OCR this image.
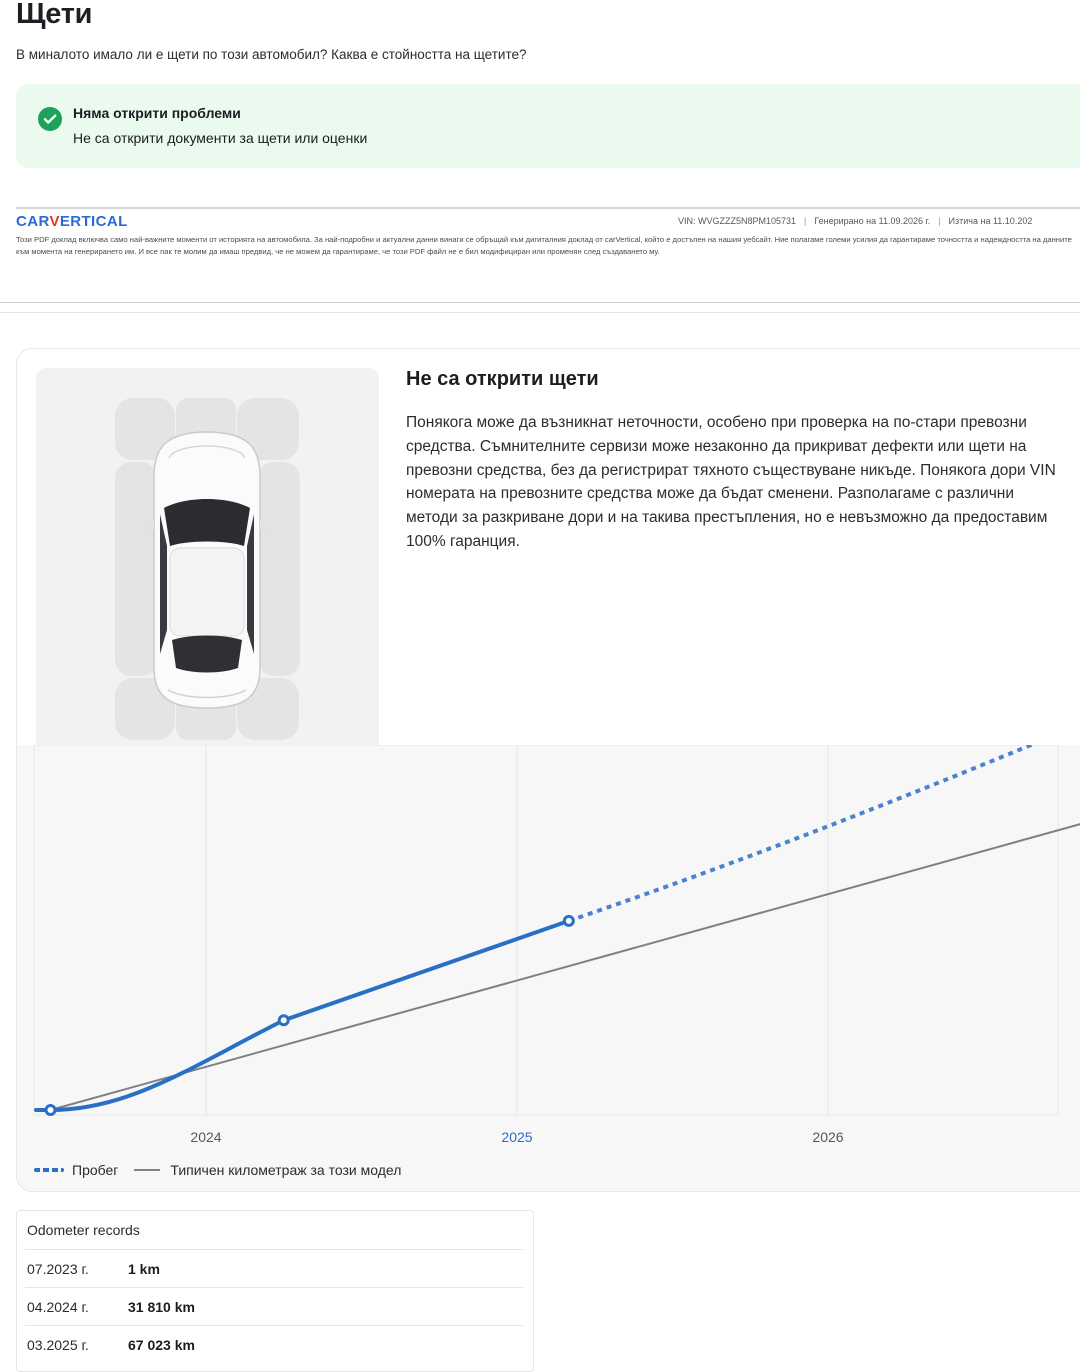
Щети
В миналото имало ли е щети по този автомобил? Каква е стойността на щетите?
Няма открити проблеми
Не са открити документи за щети или оценки
CARVERTICAL	VIN: WVGZZZ5N8PM105731 | Генерирано на 11.09.2026 г. | Изтича на 11.10.202
Този PDF доклад включва само най-важните моменти от историята на автомобила. За най-подробни и актуални данни винаги се обръщай към дигиталния доклад от carVertical, който е достъпен на нашия уебсайт. Ние полагаме големи усилия да гарантираме точността и надеждността на данните към момента на генерирането им. И все пак те молим да имаш предвид, че не можем да гарантираме, че този PDF файл не е бил модифициран или променян след създаването му.
Не са открити щети
Понякога може да възникнат неточности, особено при проверка на по-стари превозни средства. Съмнителните сервизи може незаконно да прикриват дефекти или щети на превозни средства, без да регистрират тяхното съществуване никъде. Понякога дори VIN номерата на превозните средства може да бъдат сменени. Разполагаме с различни методи за разкриване дори и на такива престъпления, но е невъзможно да предоставим 100% гаранция.
2024	2025	2026
Пробег	Типичен километраж за този модел
Odometer records
07.2023 г.	1 km
04.2024 г.	31 810 km
03.2025 г.	67 023 km
